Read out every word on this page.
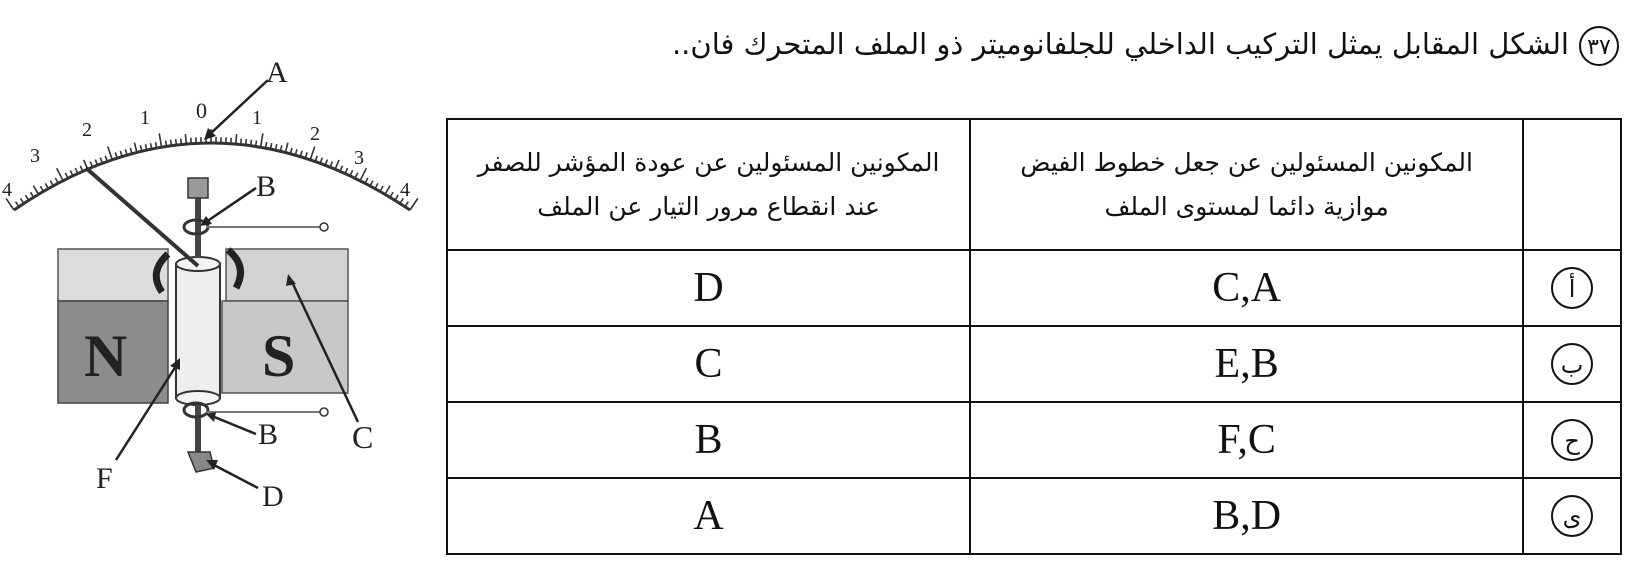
٣٧الشكل المقابل يمثل التركيب الداخلي للجلفانوميتر ذو الملف المتحرك فان..
4
3
2
1 0 1
2
3
4
N S
A
B
B C
D
F

	المكونين المسئولين عن جعل خطوط الفيض موازية دائما لمستوى الملف	المكونين المسئولين عن عودة المؤشر للصفر عند انقطاع مرور التيار عن الملف

أ	C,A	D
ب	E,B	C
ح	F,C	B
ى	B,D	A
